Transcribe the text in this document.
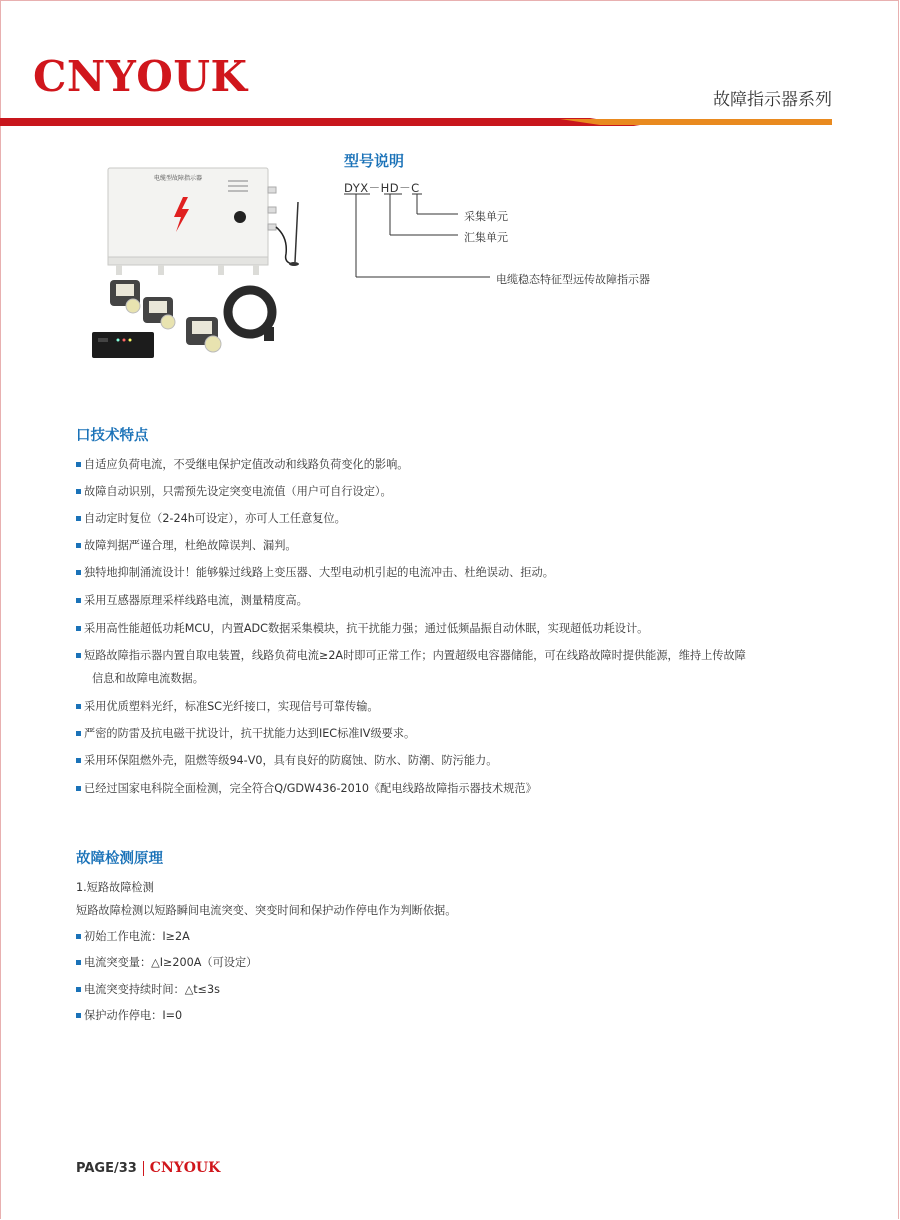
CNYOUK	故障指示器系列
电缆型故障指示器
型号说明
DYX－HD－C
采集单元
汇集单元
电缆稳态特征型远传故障指示器
口技术特点
自适应负荷电流，不受继电保护定值改动和线路负荷变化的影响。
故障自动识别，只需预先设定突变电流值（用户可自行设定）。
自动定时复位（2-24h可设定），亦可人工任意复位。
故障判据严谨合理，杜绝故障误判、漏判。
独特地抑制涌流设计！能够躲过线路上变压器、大型电动机引起的电流冲击、杜绝误动、拒动。
采用互感器原理采样线路电流，测量精度高。
采用高性能超低功耗MCU，内置ADC数据采集模块，抗干扰能力强；通过低频晶振自动休眠，实现超低功耗设计。
短路故障指示器内置自取电装置，线路负荷电流≥2A时即可正常工作；内置超级电容器储能，可在线路故障时提供能源，维持上传故障
信息和故障电流数据。
采用优质塑料光纤，标准SC光纤接口，实现信号可靠传输。
严密的防雷及抗电磁干扰设计，抗干扰能力达到IEC标准IV级要求。
采用环保阻燃外壳，阻燃等级94-V0，具有良好的防腐蚀、防水、防潮、防污能力。
已经过国家电科院全面检测，完全符合Q/GDW436-2010《配电线路故障指示器技术规范》
故障检测原理
1.短路故障检测
短路故障检测以短路瞬间电流突变、突变时间和保护动作停电作为判断依据。
初始工作电流：I≥2A
电流突变量：△I≥200A（可设定）
电流突变持续时间：△t≤3s
保护动作停电：I=0
PAGE/33 CNYOUK
